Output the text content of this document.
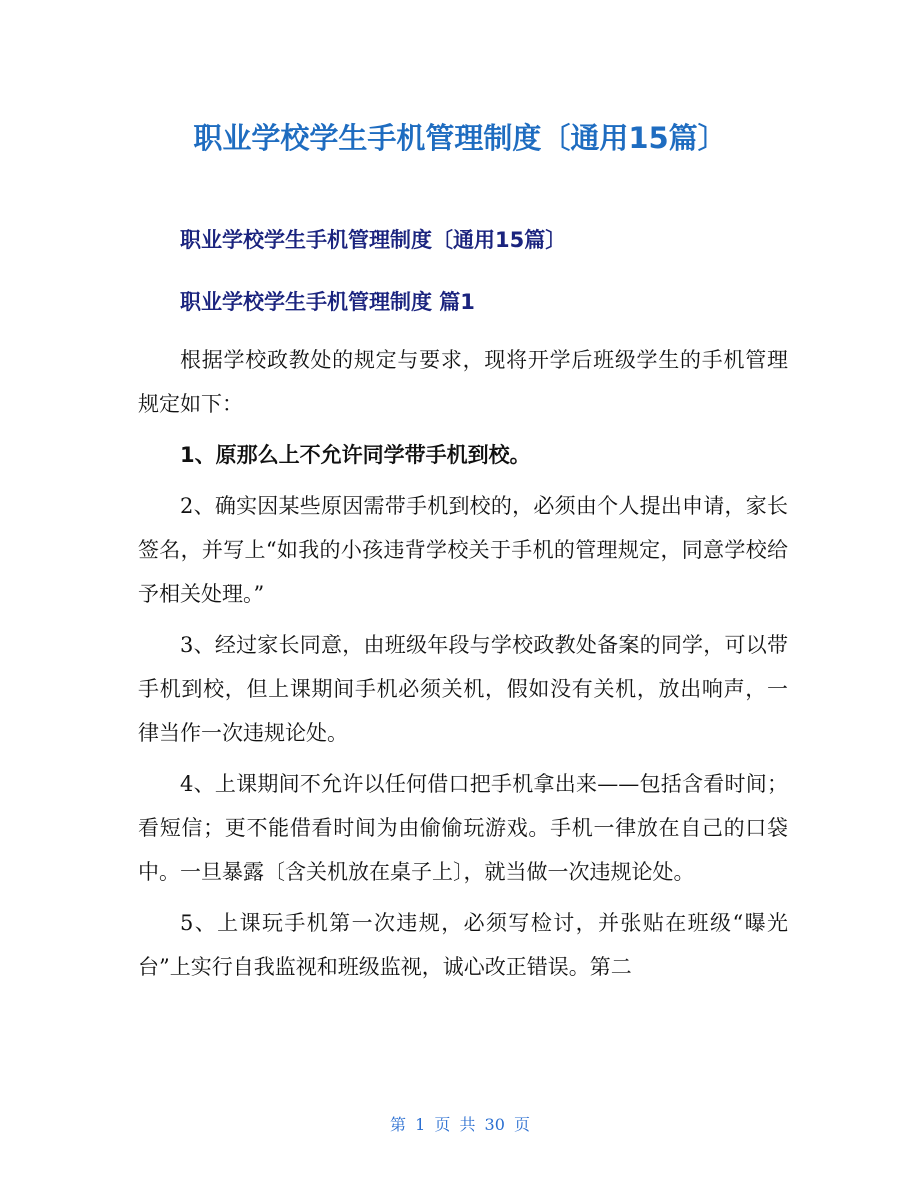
职业学校学生手机管理制度〔通用15篇〕
职业学校学生手机管理制度〔通用15篇〕
职业学校学生手机管理制度 篇1

根据学校政教处的规定与要求，现将开学后班级学生的手机管理规定如下：

1、原那么上不允许同学带手机到校。

2、确实因某些原因需带手机到校的，必须由个人提出申请，家长签名，并写上“如我的小孩违背学校关于手机的管理规定，同意学校给予相关处理。”

3、经过家长同意，由班级年段与学校政教处备案的同学，可以带手机到校，但上课期间手机必须关机，假如没有关机，放出响声，一律当作一次违规论处。

4、上课期间不允许以任何借口把手机拿出来——包括含看时间；看短信；更不能借看时间为由偷偷玩游戏。手机一律放在自己的口袋中。一旦暴露〔含关机放在桌子上〕，就当做一次违规论处。

5、上课玩手机第一次违规，必须写检讨，并张贴在班级“曝光台”上实行自我监视和班级监视，诚心改正错误。第二

第 1 页 共 30 页
